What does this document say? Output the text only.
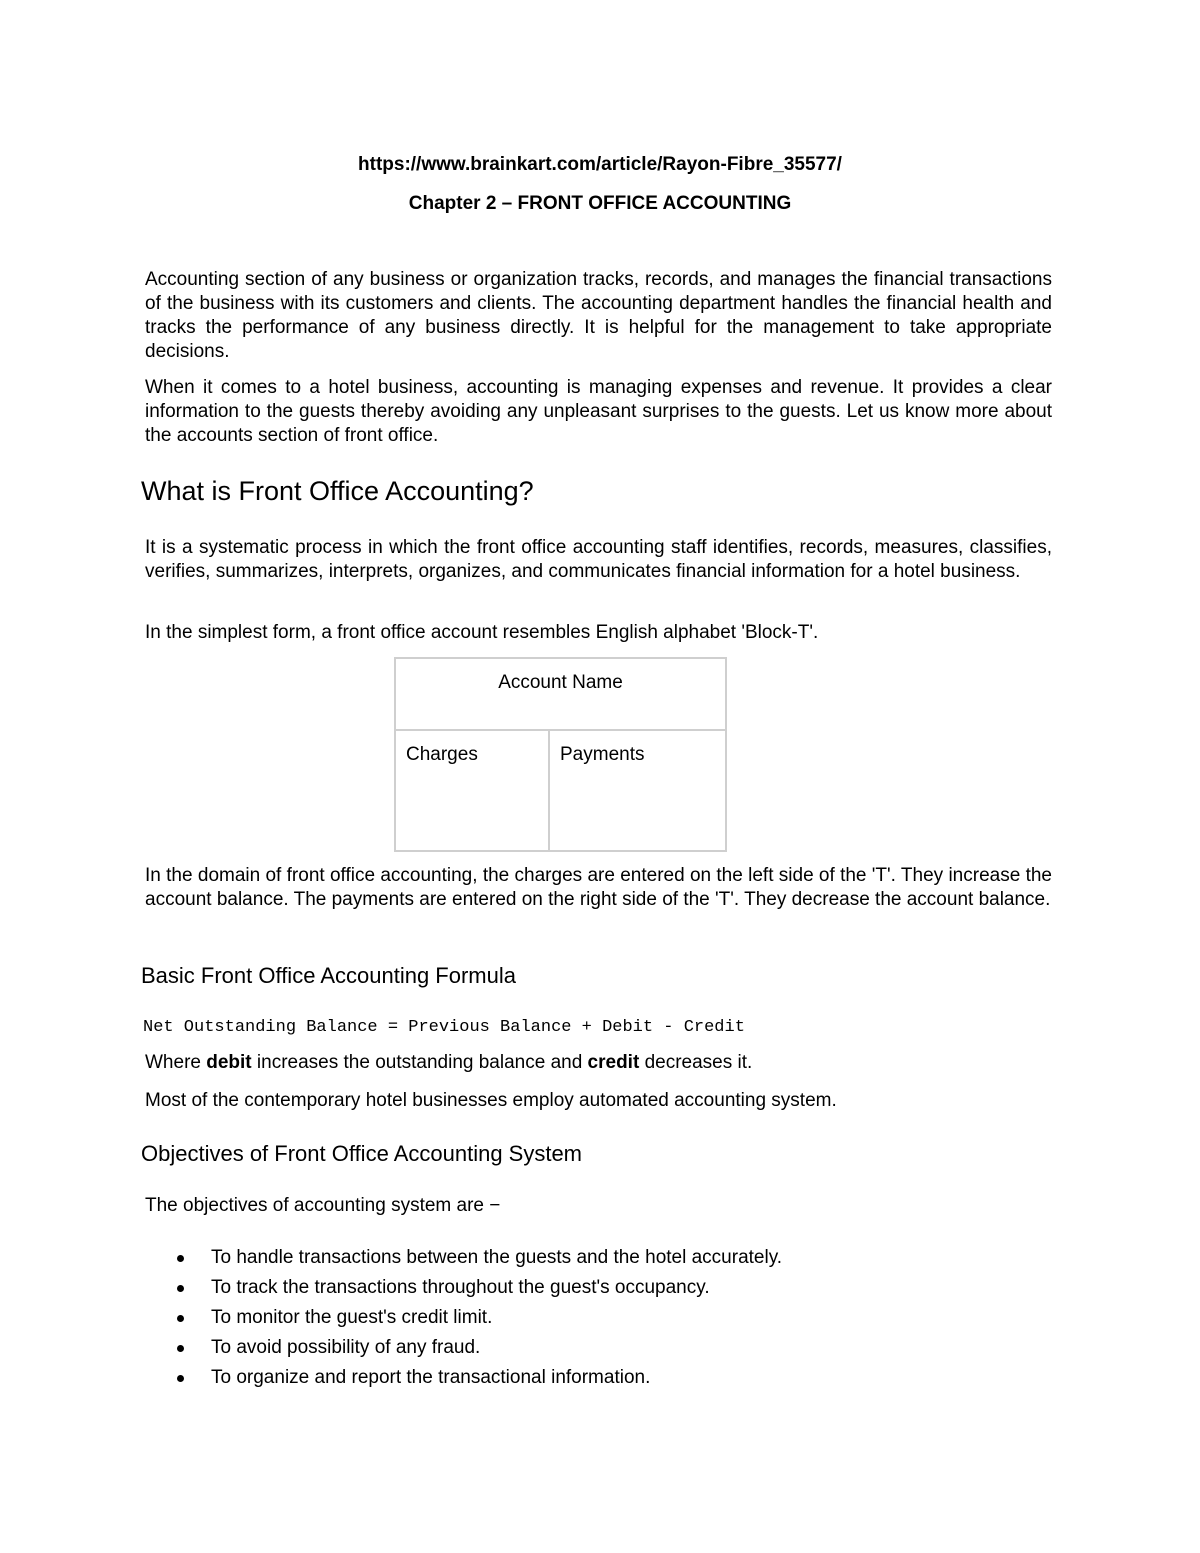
https://www.brainkart.com/article/Rayon-Fibre_35577/
Chapter 2 – FRONT OFFICE ACCOUNTING

Accounting section of any business or organization tracks, records, and manages the financial transactions of the business with its customers and clients. The accounting department handles the financial health and tracks the performance of any business directly. It is helpful for the management to take appropriate decisions.

When it comes to a hotel business, accounting is managing expenses and revenue. It provides a clear information to the guests thereby avoiding any unpleasant surprises to the guests. Let us know more about the accounts section of front office.

What is Front Office Accounting?

It is a systematic process in which the front office accounting staff identifies, records, measures, classifies, verifies, summarizes, interprets, organizes, and communicates financial information for a hotel business.

In the simplest form, a front office account resembles English alphabet 'Block-T'.

Account Name
Charges	Payments

In the domain of front office accounting, the charges are entered on the left side of the 'T'. They increase the account balance. The payments are entered on the right side of the 'T'. They decrease the account balance.

Basic Front Office Accounting Formula
Net Outstanding Balance = Previous Balance + Debit - Credit

Where debit increases the outstanding balance and credit decreases it.

Most of the contemporary hotel businesses employ automated accounting system.

Objectives of Front Office Accounting System

The objectives of accounting system are −

To handle transactions between the guests and the hotel accurately.
To track the transactions throughout the guest's occupancy.
To monitor the guest's credit limit.
To avoid possibility of any fraud.
To organize and report the transactional information.
